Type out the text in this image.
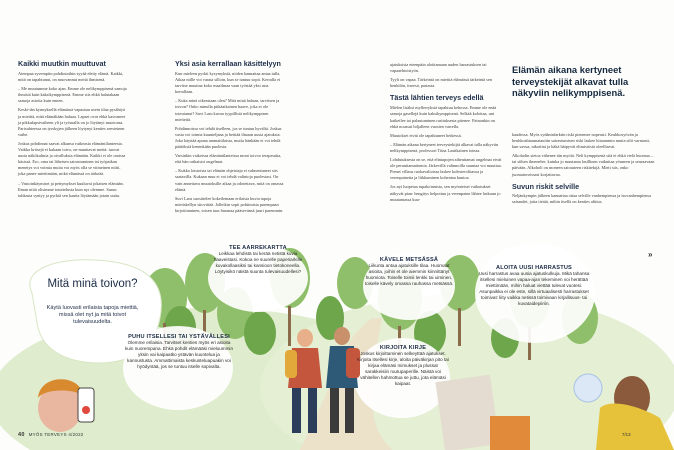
Kaikki muutkin muuttuvat

Aiempaa syvempiin pohdintoihin syyää eletty elämä. Kaikki, mitä on tapahtunut, on muovannut meitä ihmisenä.

– Me muutumme koko ajan. Emme ole nelikymppisenä samoja ihmisiä kuin kaksikymppisenä. Emme siis ehkä halutakaan samoja asioita kuin ennen.

Keski-iän kynnyksellä elämässä vapautuu usein tilaa pysähtyä ja miettiä, mitä elämältään haluaa. Lapset ovat ehkä kasvaneet ja pikkulapsivaiheen yli ja työuralla on jo löytänyt muotonsa. Parisuhteessa on tyrskyjen jälkeen löytynyt kenties seesteinen vaihe.

Joskus pohdinnat saavat alkunsa vaikeasta elämäntilanteesta. Vaikka kriisejä ei kukaan toivo, ne muuttavat meitä: tuovat uusia näkökulmia ja oivalluksia elämään. Kaikki ei ole omissa käsissä. Ero, oma tai läheisen sairastuminen tai työpaikan menetys voi voimia muita voi myös olla se viimeinen niitti, joka panee miettimään, mikä elämässä on tärkeää.

– Vastoinkäymiset ja pettymykset kuuluvat jokaisen elämään. Ilman niitä olisimme totuttelusta kuin nyt olemme. Surun tuhkasta syntyy ja pyrkiä sen kautta löytämään jotain uutta.

Yksi asia kerrallaan käsittelyyn

Kun mieleen pyrkii kysymyksiä, niiden kannattaa antaa tulla. Aikaa niille voi varata silloin, kun se tuntuu sopii. Kerralla ei tarvitse muuttaa koko maailmaa vaan työstää yksi asia kerrallaan.

– Kuka minä oikeastaan olen? Mitä minä haluan, tarvitsen ja toivon? Onko minulla pitkäaikainen haave, joka ei ole toteutunut? Suvi Laru kuvaa tyypillisiä nelikymppisen mietteitä.

Pohdinnoissa voi tehdä itselleen, jos se tuntuu hyvältä. Joskus vasta voi toimia kuunteljana ja heittää ilmaan uusia ajatuksia. Joka käyttää apuna ammattilaista, mutta hänkään ei voi tehdä päätöksiä kenenkään puolesta.

Varsinkin vaikeissa elämäntilanteissa mont toivoo terapeuttia, että hän ratkaisisi ongelmat.

– Kukka loistoista tai elämän ohjeistaja ei valmentaneet siis saatavilla. Kukaan muu ei voi tehdä valintoja puolestasi. On vain annettava muutoksille aikaa ja odotettava, mitä on omassa elämä.

Suvi Laru suosittelee kokeilemaan erilaisia huvia tapoja mietiskellyn sitovittää. Jolleikin sopii pohtimista parempaan kirjoittaminen, toisen taas huomaa pääsevänsä juuri paremmin.

ajatuksista eteenpäin aloittamaan uuden harrastuksen tai vapaaehtoistyön.

Tyyli on vapaa. Tärkeintä on miettiä elämässä tärkeintä sen henkilön, itseesä, pariasta.

Tästä lähtien terveys edellä

Mielen lisäksi myllerryksiä tapahtuu kehossa. Emme ole enää samoja gasellejä kuin kaksikymppisenä. Selkää kolottaa, uni katkeilee tai palautuminen rasituksesta pitenee. Painonkin on ehkä noussut hiljalleen vuosien varrella.

Muutokset eivät ole tapahtuneet hetkessä.

– Elämän aikana kertyneet terveystekijät alkavat tulla näkyviin nelikymppisenä, professori Tiina Laatikainen toteaa.

Lohdutuksesta on se, että elintapojen aiheuttamat ongelmat eivät ole peruuttamattomia. Järkevillä valinnoilla suuntaa voi muuttaa. Pienet villaus ruokavalioissa laskee kolesterolitasoa ja verenpainetta ja liikkuminen kohentaa kuntoa.

Jos nyt luopetaa tupakoinnista, sen myönteiset vaikutukset näkyvät pian: hengitys helpottuu ja verenpaine lähtee laskuun jo muutamassa kuu-

Elämän aikana kertyneet terveystekijät alkavat tulla näkyviin nelikymppisenä.

kaudessa. Myös sydäninfarktin riski pienenee nopeasti. Keuhkosyövän ja keuhkoahtaumatautiin sairastumisen riski laskee hitaammin mutta silti varmasti, kun savua, nikotiini ja häkä häipyvät elimistöstä oleellisesti.

Alkoholin sietoa vähenee iän myötä. Neli kymppisenä sitä ei ehkä vielä huomaa – tai siihen ilmenelee, kuinka jo muutama lasillinen vaikuttaa yöuneen ja seuraavaan päivään. Alkoholi on moneen sairauteen riskitekijä. Mieti siis, onko juomatavoissasi korjattavaa.

Suvun riskit selville

Neljänkympin jälkeen kannattaa ottaa selville vanhempiensa ja isovanhempiensa sairaudet, jotta tietää, mihin itsellä on kenties alttius.

»
Mitä minä toivon?
Käytä luovasti erilaisia tapoja miettiä, missä olet nyt ja mitä toivot tulevaisuudelta.
TEE AARREKARTTA
Leikkaa lehdistä tai kerää netistä kuvia haaveistasi. Kokoa ne suurelle paperiarkille kuvakollaasiksi tai kansioon tietokoneella. Löytyisikö näistä suunta tulevaisuudellesi?
KÄVELE METSÄSSÄ
Liikunta antaa ajatuksille tilaa. Huomaat asioita, joihin et ole aiemmin kiinnittänyt huomiota. Toiselle toimii lenkki tai uiminen, toiselle kävely omassa rauhassa metsässä.
ALOITA UUSI HARRASTUS
Uusi harrastus avaa uusia ajatuskulkuja. Mikä tahansa itsellesi mieluinen vapaa-ajan tekeminen voi herättää miettimään, mihin haluat viettää tulevat vuotesi. Asunpaikka ei ole este, sillä virtuaalisesti harrastukset toimivat: liity vaikka netissä toimivaan kirjallisuus- tai kuvataidepiiriin.
PUHU ITSELLESI TAI YSTÄVÄLLESI
Olemme erilaisia. Tarvitset kenties myös eri asioita kuin nuorempana. Ehkä pohdit elämääsi mieluummin yksin vai kaipaatko ystävän kuuntelua ja kannustusta. Ammattimaista keskusteluapuakin voi hyödyntää, jos se tuntuu itselle sopivalta.
KIRJOITA KIRJE
Joskus kirjoittaminen selkeyttää ajatukset. Kirjoita itsellesi kirje, aloita päiväkirjan pito tai kirjaa elämäsi mimukset ja plussat sarakkeisiin ruutupaperille. Näistä voi vähitellen hahmottua se juttu, jota elämäsi kaipaat.
40 MYÖS TERVEYS 4/2022	7/13
